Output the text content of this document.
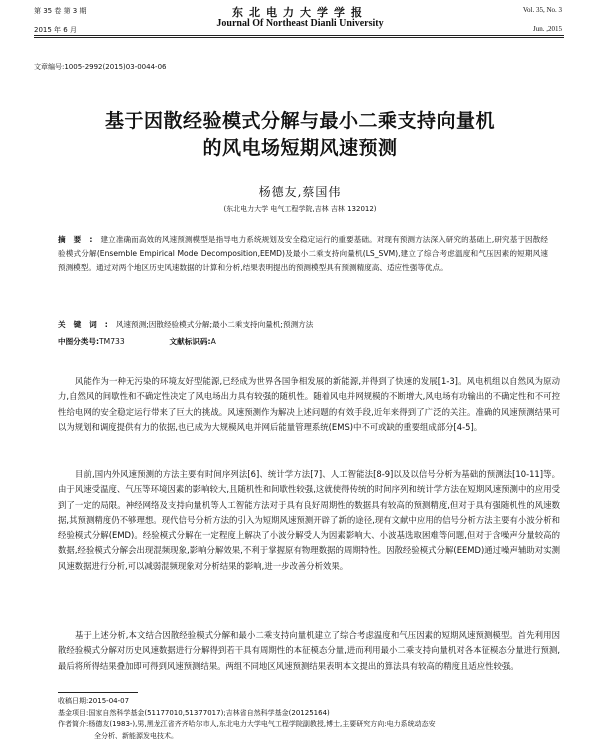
第 35 卷 第 3 期
2015 年 6 月
东北电力大学学报
Journal Of Northeast Dianli University
Vol. 35, No. 3
Jun. ,2015
文章编号:1005-2992(2015)03-0044-06
基于因散经验模式分解与最小二乘支持向量机
的风电场短期风速预测
杨德友,蔡国伟
(东北电力大学 电气工程学院,吉林 吉林 132012)
摘要:建立准确而高效的风速预测模型是指导电力系统规划及安全稳定运行的重要基础。对现有预测方法深入研究的基础上,研究基于因散经验模式分解(Ensemble Empirical Mode Decomposition,EEMD)及最小二乘支持向量机(LS_SVM),建立了综合考虑温度和气压因素的短期风速预测模型。通过对两个地区历史风速数据的计算和分析,结果表明提出的预测模型具有预测精度高、适应性强等优点。
关键词:风速预测;因散经验模式分解;最小二乘支持向量机;预测方法
中图分类号:TM733	文献标识码:A
风能作为一种无污染的环境友好型能源,已经成为世界各国争相发展的新能源,并得到了快速的发展[1-3]。风电机组以自然风为原动力,自然风的间歇性和不确定性决定了风电场出力具有较强的随机性。随着风电并网规模的不断增大,风电场有功输出的不确定性和不可控性给电网的安全稳定运行带来了巨大的挑战。风速预测作为解决上述问题的有效手段,近年来得到了广泛的关注。准确的风速预测结果可以为规划和调度提供有力的依据,也已成为大规模风电并网后能量管理系统(EMS)中不可或缺的重要组成部分[4-5]。
目前,国内外风速预测的方法主要有时间序列法[6]、统计学方法[7]、人工智能法[8-9]以及以信号分析为基础的预测法[10-11]等。由于风速受温度、气压等环境因素的影响较大,且随机性和间歇性较强,这就使得传统的时间序列和统计学方法在短期风速预测中的应用受到了一定的局限。神经网络及支持向量机等人工智能方法对于具有良好周期性的数据具有较高的预测精度,但对于具有强随机性的风速数据,其预测精度仍不够理想。现代信号分析方法的引入为短期风速预测开辟了新的途径,现有文献中应用的信号分析方法主要有小波分析和经验模式分解(EMD)。经验模式分解在一定程度上解决了小波分解受人为因素影响大、小波基选取困难等问题,但对于含噪声分量较高的数据,经验模式分解会出现混频现象,影响分解效果,不利于掌握原有物理数据的周期特性。因散经验模式分解(EEMD)通过噪声辅助对实测风速数据进行分析,可以减弱混频现象对分析结果的影响,进一步改善分析效果。
基于上述分析,本文结合因散经验模式分解和最小二乘支持向量机建立了综合考虑温度和气压因素的短期风速预测模型。首先利用因散经验模式分解对历史风速数据进行分解得到若干具有周期性的本征模态分量,进而利用最小二乘支持向量机对各本征模态分量进行预测,最后将所得结果叠加即可得到风速预测结果。两组不同地区风速预测结果表明本文提出的算法具有较高的精度且适应性较强。

收稿日期:2015-04-07

基金项目:国家自然科学基金(51177010,51377017);吉林省自然科学基金(20125164)

作者简介:杨德友(1983-),男,黑龙江省齐齐哈尔市人,东北电力大学电气工程学院副教授,博士,主要研究方向:电力系统动态安

全分析、新能源发电技术。
